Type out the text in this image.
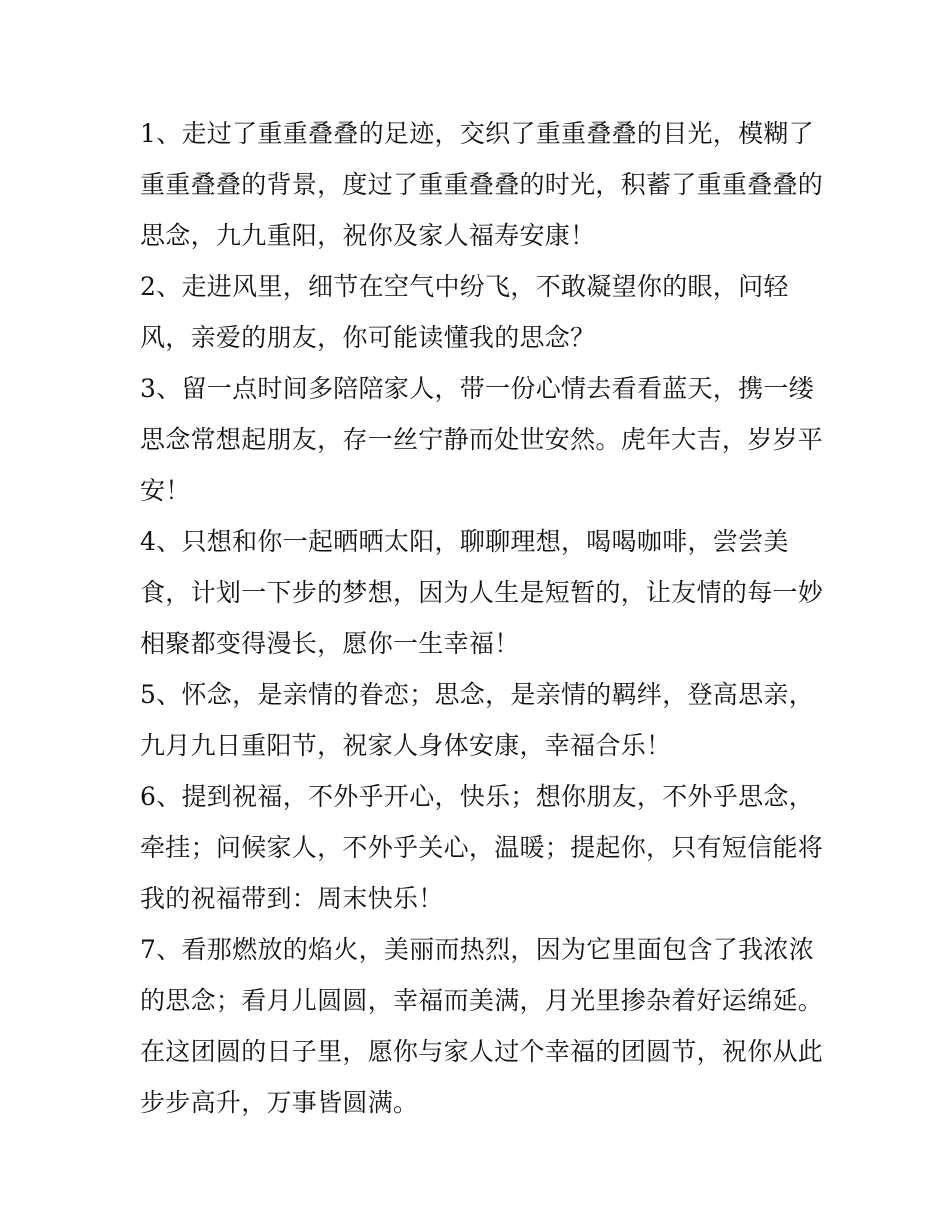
1、走过了重重叠叠的足迹，交织了重重叠叠的目光，模糊了
重重叠叠的背景，度过了重重叠叠的时光，积蓄了重重叠叠的
思念，九九重阳，祝你及家人福寿安康！
2、走进风里，细节在空气中纷飞，不敢凝望你的眼，问轻
风，亲爱的朋友，你可能读懂我的思念？
3、留一点时间多陪陪家人，带一份心情去看看蓝天，携一缕
思念常想起朋友，存一丝宁静而处世安然。虎年大吉，岁岁平
安！
4、只想和你一起晒晒太阳，聊聊理想，喝喝咖啡，尝尝美
食，计划一下步的梦想，因为人生是短暂的，让友情的每一妙
相聚都变得漫长，愿你一生幸福！
5、怀念，是亲情的眷恋；思念，是亲情的羁绊，登高思亲，
九月九日重阳节，祝家人身体安康，幸福合乐！
6、提到祝福，不外乎开心，快乐；想你朋友，不外乎思念，
牵挂；问候家人，不外乎关心，温暖；提起你，只有短信能将
我的祝福带到：周末快乐！
7、看那燃放的焰火，美丽而热烈，因为它里面包含了我浓浓
的思念；看月儿圆圆，幸福而美满，月光里掺杂着好运绵延。
在这团圆的日子里，愿你与家人过个幸福的团圆节，祝你从此
步步高升，万事皆圆满。
